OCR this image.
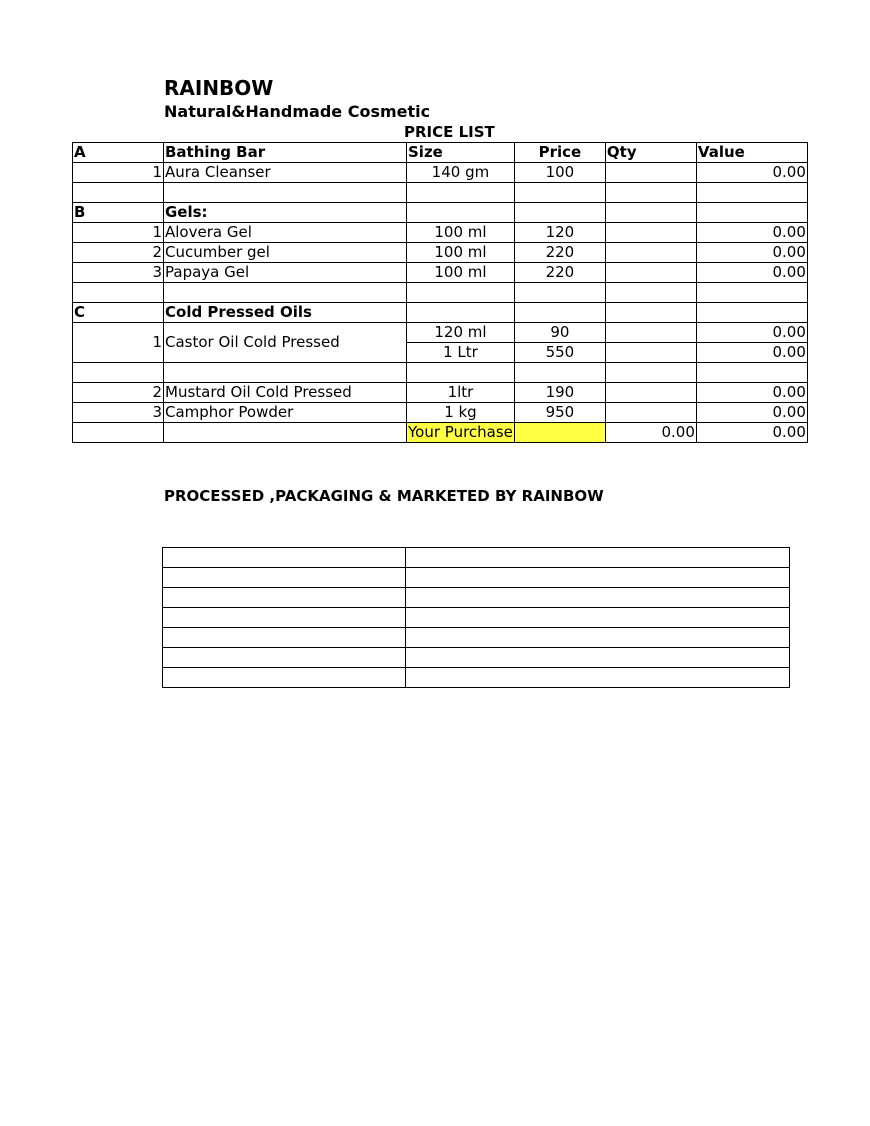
RAINBOW
Natural&Handmade Cosmetic
PRICE LIST
A	Bathing Bar	Size	Price	Qty	Value
1	Aura Cleanser	140 gm	100		0.00

B	Gels:				
1	Alovera Gel	100 ml	120		0.00
2	Cucumber gel	100 ml	220		0.00
3	Papaya Gel	100 ml	220		0.00

C	Cold Pressed Oils				
1	Castor Oil Cold Pressed	120 ml	90		0.00
		1 Ltr	550		0.00

2	Mustard Oil Cold Pressed	1ltr	190		0.00
3	Camphor Powder	1 kg	950		0.00
		Your Purchase		0.00	0.00
PROCESSED ,PACKAGING & MARKETED BY RAINBOW
